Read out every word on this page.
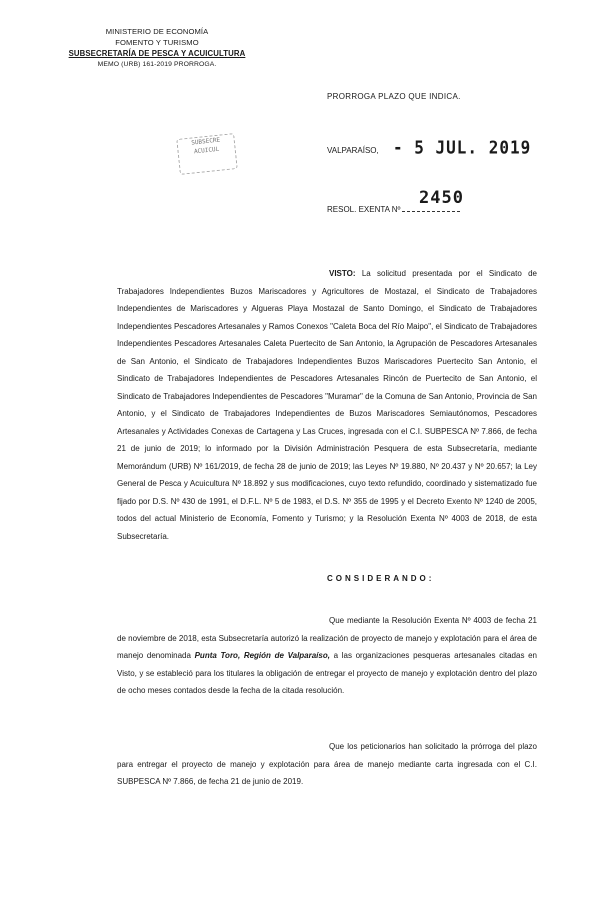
MINISTERIO DE ECONOMÍA
FOMENTO Y TURISMO
SUBSECRETARÍA DE PESCA Y ACUICULTURA
MEMO (URB) 161-2019 PRORROGA.
PRORROGA PLAZO QUE INDICA.
SUBSECRE
ACUICUL	VALPARAÍSO, - 5 JUL. 2019
RESOL. EXENTA Nº
2450
VISTO: La solicitud presentada por el Sindicato de Trabajadores Independientes Buzos Mariscadores y Agricultores de Mostazal, el Sindicato de Trabajadores Independientes de Mariscadores y Algueras Playa Mostazal de Santo Domingo, el Sindicato de Trabajadores Independientes Pescadores Artesanales y Ramos Conexos "Caleta Boca del Río Maipo", el Sindicato de Trabajadores Independientes Pescadores Artesanales Caleta Puertecito de San Antonio, la Agrupación de Pescadores Artesanales de San Antonio, el Sindicato de Trabajadores Independientes Buzos Mariscadores Puertecito San Antonio, el Sindicato de Trabajadores Independientes de Pescadores Artesanales Rincón de Puertecito de San Antonio, el Sindicato de Trabajadores Independientes de Pescadores "Muramar" de la Comuna de San Antonio, Provincia de San Antonio, y el Sindicato de Trabajadores Independientes de Buzos Mariscadores Semiautónomos, Pescadores Artesanales y Actividades Conexas de Cartagena y Las Cruces, ingresada con el C.I. SUBPESCA Nº 7.866, de fecha 21 de junio de 2019; lo informado por la División Administración Pesquera de esta Subsecretaría, mediante Memorándum (URB) Nº 161/2019, de fecha 28 de junio de 2019; las Leyes Nº 19.880, Nº 20.437 y Nº 20.657; la Ley General de Pesca y Acuicultura Nº 18.892 y sus modificaciones, cuyo texto refundido, coordinado y sistematizado fue fijado por D.S. Nº 430 de 1991, el D.F.L. Nº 5 de 1983, el D.S. Nº 355 de 1995 y el Decreto Exento Nº 1240 de 2005, todos del actual Ministerio de Economía, Fomento y Turismo; y la Resolución Exenta Nº 4003 de 2018, de esta Subsecretaría.
CONSIDERANDO:
Que mediante la Resolución Exenta Nº 4003 de fecha 21 de noviembre de 2018, esta Subsecretaría autorizó la realización de proyecto de manejo y explotación para el área de manejo denominada Punta Toro, Región de Valparaíso, a las organizaciones pesqueras artesanales citadas en Visto, y se estableció para los titulares la obligación de entregar el proyecto de manejo y explotación dentro del plazo de ocho meses contados desde la fecha de la citada resolución.
Que los peticionarios han solicitado la prórroga del plazo para entregar el proyecto de manejo y explotación para área de manejo mediante carta ingresada con el C.I. SUBPESCA Nº 7.866, de fecha 21 de junio de 2019.
